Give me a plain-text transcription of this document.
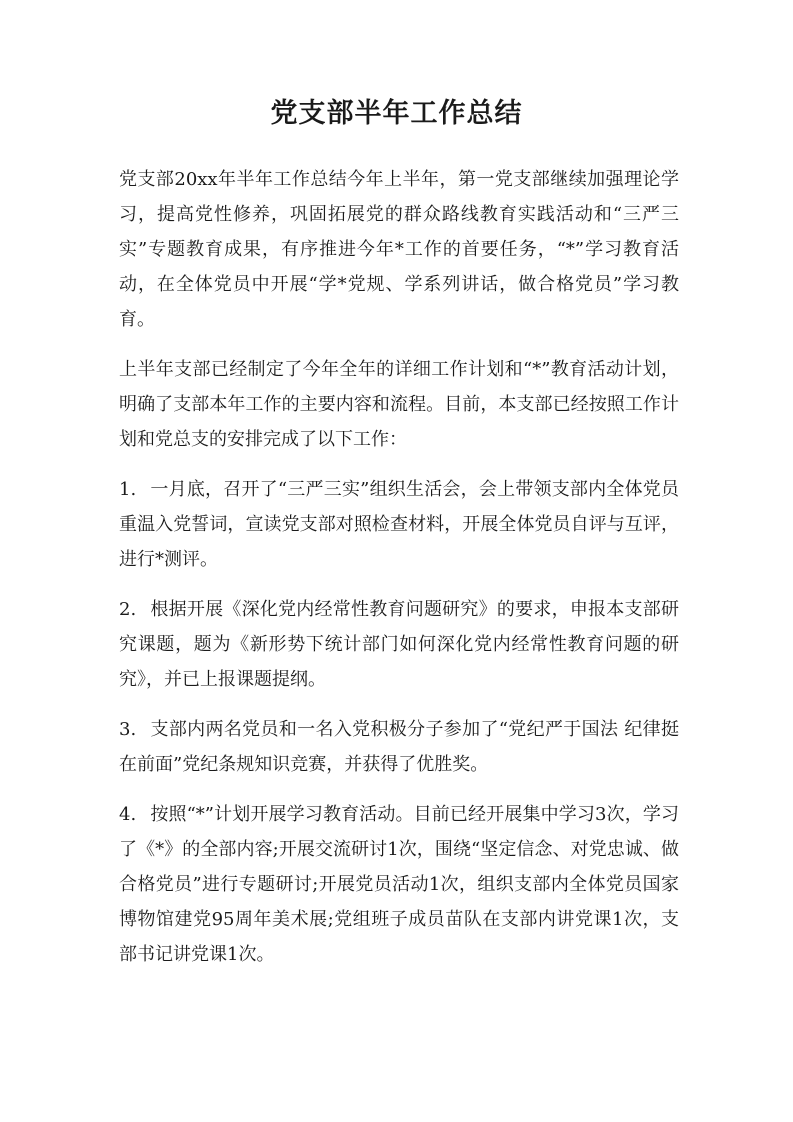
党支部半年工作总结

党支部20xx年半年工作总结今年上半年，第一党支部继续加强理论学习，提高党性修养，巩固拓展党的群众路线教育实践活动和“三严三实”专题教育成果，有序推进今年*工作的首要任务，“*”学习教育活动，在全体党员中开展“学*党规、学系列讲话，做合格党员”学习教育。

上半年支部已经制定了今年全年的详细工作计划和“*”教育活动计划，明确了支部本年工作的主要内容和流程。目前，本支部已经按照工作计划和党总支的安排完成了以下工作：

1. 一月底，召开了“三严三实”组织生活会，会上带领支部内全体党员重温入党誓词，宣读党支部对照检查材料，开展全体党员自评与互评，进行*测评。

2. 根据开展《深化党内经常性教育问题研究》的要求，申报本支部研究课题，题为《新形势下统计部门如何深化党内经常性教育问题的研究》，并已上报课题提纲。

3. 支部内两名党员和一名入党积极分子参加了“党纪严于国法 纪律挺在前面”党纪条规知识竞赛，并获得了优胜奖。

4. 按照“*”计划开展学习教育活动。目前已经开展集中学习3次，学习了《*》的全部内容;开展交流研讨1次，围绕“坚定信念、对党忠诚、做合格党员”进行专题研讨;开展党员活动1次，组织支部内全体党员国家博物馆建党95周年美术展;党组班子成员苗队在支部内讲党课1次，支部书记讲党课1次。
